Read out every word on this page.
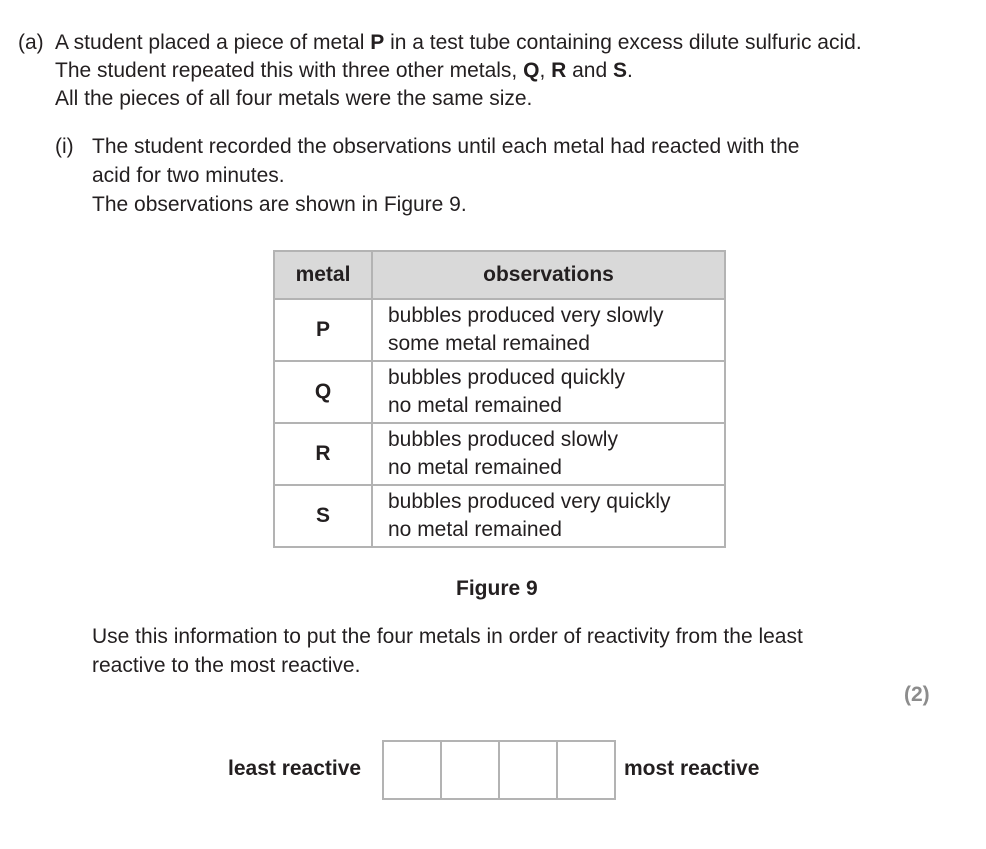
(a) A student placed a piece of metal P in a test tube containing excess dilute sulfuric acid.
The student repeated this with three other metals, Q, R and S.
All the pieces of all four metals were the same size.
(i) The student recorded the observations until each metal had reacted with the
acid for two minutes.
The observations are shown in Figure 9.
metal	observations
P	bubbles produced very slowly
some metal remained

Q	bubbles produced quickly
no metal remained

R	bubbles produced slowly
no metal remained

S	bubbles produced very quickly
no metal remained
Figure 9
Use this information to put the four metals in order of reactivity from the least
reactive to the most reactive.
(2)
least reactive	most reactive
